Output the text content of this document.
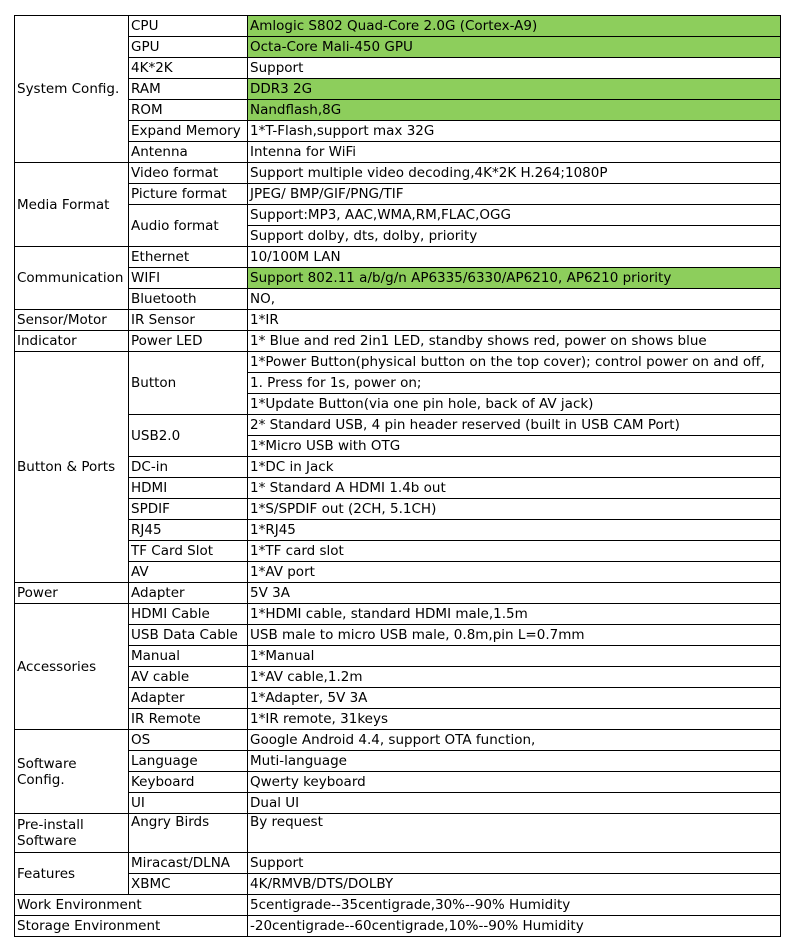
System Config.	CPU	Amlogic S802 Quad-Core 2.0G (Cortex-A9)
	GPU	Octa-Core Mali-450 GPU
	4K*2K	Support
	RAM	DDR3 2G
	ROM	Nandflash,8G
	Expand Memory	1*T-Flash,support max 32G
	Antenna	Intenna for WiFi
Media Format	Video format	Support multiple video decoding,4K*2K H.264;1080P
	Picture format	JPEG/ BMP/GIF/PNG/TIF
	Audio format	Support:MP3, AAC,WMA,RM,FLAC,OGG
		Support dolby, dts, dolby, priority
Communication	Ethernet	10/100M LAN
	WIFI	Support 802.11 a/b/g/n AP6335/6330/AP6210, AP6210 priority
	Bluetooth	NO,
Sensor/Motor	IR Sensor	1*IR
Indicator	Power LED	1* Blue and red 2in1 LED, standby shows red, power on shows blue
Button & Ports	Button	1*Power Button(physical button on the top cover); control power on and off,
		1. Press for 1s, power on;
		1*Update Button(via one pin hole, back of AV jack)
	USB2.0	2* Standard USB, 4 pin header reserved (built in USB CAM Port)
		1*Micro USB with OTG
	DC-in	1*DC in Jack
	HDMI	1* Standard A HDMI 1.4b out
	SPDIF	1*S/SPDIF out (2CH, 5.1CH)
	RJ45	1*RJ45
	TF Card Slot	1*TF card slot
	AV	1*AV port
Power	Adapter	5V 3A
Accessories	HDMI Cable	1*HDMI cable, standard HDMI male,1.5m
	USB Data Cable	USB male to micro USB male, 0.8m,pin L=0.7mm
	Manual	1*Manual
	AV cable	1*AV cable,1.2m
	Adapter	1*Adapter, 5V 3A
	IR Remote	1*IR remote, 31keys
Software Config.	OS	Google Android 4.4, support OTA function,
	Language	Muti-language
	Keyboard	Qwerty keyboard
	UI	Dual UI
Pre-install Software	Angry Birds	By request
Features	Miracast/DLNA	Support
	XBMC	4K/RMVB/DTS/DOLBY
Work Environment		5centigrade--35centigrade,30%--90% Humidity
Storage Environment		-20centigrade--60centigrade,10%--90% Humidity
